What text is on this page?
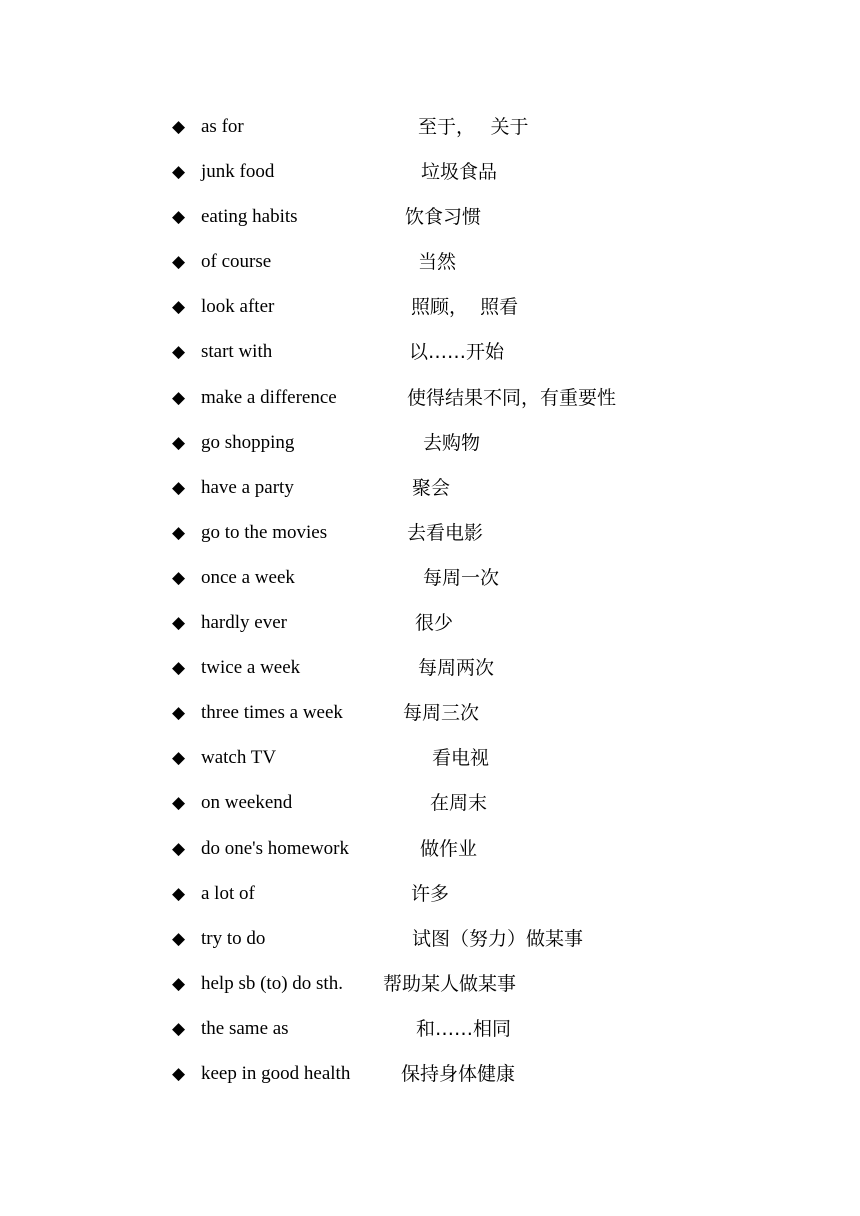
◆ as for	至于，　 关于
◆ junk food	垃圾食品
◆ eating habits	饮食习惯
◆ of course	当然
◆ look after	照顾，  照看
◆ start with	以……开始
◆ make a difference	使得结果不同，有重要性
◆ go shopping	去购物
◆ have a party	聚会
◆ go to the movies	去看电影
◆ once a week	每周一次
◆ hardly ever	很少
◆ twice a week	每周两次
◆ three times a week	每周三次
◆ watch TV	看电视
◆ on weekend	在周末
◆ do one's homework	做作业
◆ a lot of	许多
◆ try to do	试图（努力）做某事
◆ help sb (to) do sth. 帮助某人做某事
◆ the same as	和……相同
◆ keep in good health	保持身体健康
